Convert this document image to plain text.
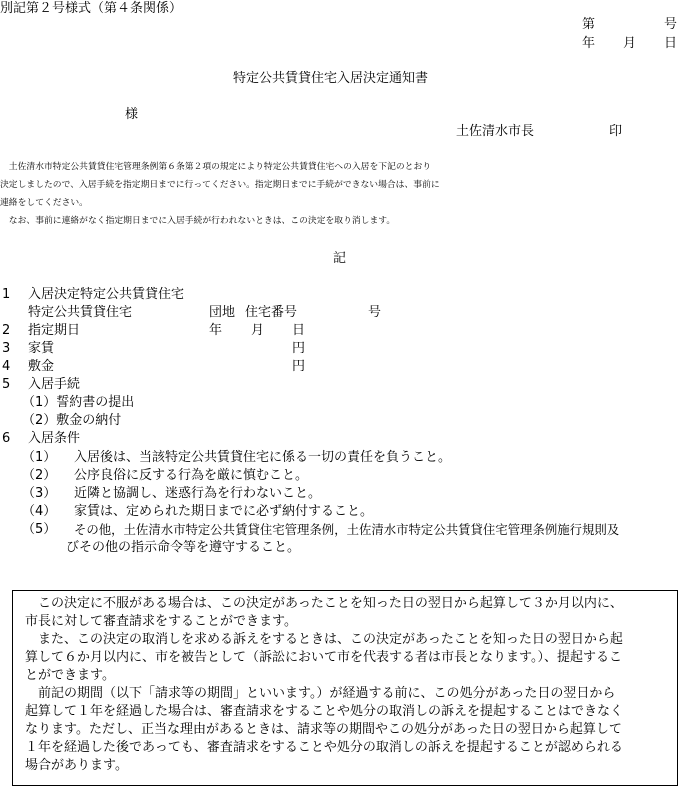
別記第２号様式（第４条関係）
第	号
年 月 日
特定公共賃貸住宅入居決定通知書
様
土佐清水市長	印
　土佐清水市特定公共賃貸住宅管理条例第６条第２項の規定により特定公共賃貸住宅への入居を下記のとおり
決定しましたので、入居手続を指定期日までに行ってください。指定期日までに手続ができない場合は、事前に
連絡をしてください。
　なお、事前に連絡がなく指定期日までに入居手続が行われないときは、この決定を取り消します。
記
1 入居決定特定公共賃貸住宅
特定公共賃貸住宅	団地 住宅番号	号
2 指定期日	年 月 日
3 家賃	円
4 敷金	円
5 入居手続
（1）誓約書の提出
（2）敷金の納付
6 入居条件
（1） 入居後は、当該特定公共賃貸住宅に係る一切の責任を負うこと。
（2） 公序良俗に反する行為を厳に慎むこと。
（3） 近隣と協調し、迷惑行為を行わないこと。
（4） 家賃は、定められた期日までに必ず納付すること。
（5） その他，土佐清水市特定公共賃貸住宅管理条例，土佐清水市特定公共賃貸住宅管理条例施行規則及
びその他の指示命令等を遵守すること。
　この決定に不服がある場合は、この決定があったことを知った日の翌日から起算して３か月以内に、
市長に対して審査請求をすることができます。
　また、この決定の取消しを求める訴えをするときは、この決定があったことを知った日の翌日から起
算して６か月以内に、市を被告として（訴訟において市を代表する者は市長となります。）、提起するこ
とができます。
　前記の期間（以下「請求等の期間」といいます。）が経過する前に、この処分があった日の翌日から
起算して１年を経過した場合は、審査請求をすることや処分の取消しの訴えを提起することはできなく
なります。ただし、正当な理由があるときは、請求等の期間やこの処分があった日の翌日から起算して
１年を経過した後であっても、審査請求をすることや処分の取消しの訴えを提起することが認められる
場合があります。
